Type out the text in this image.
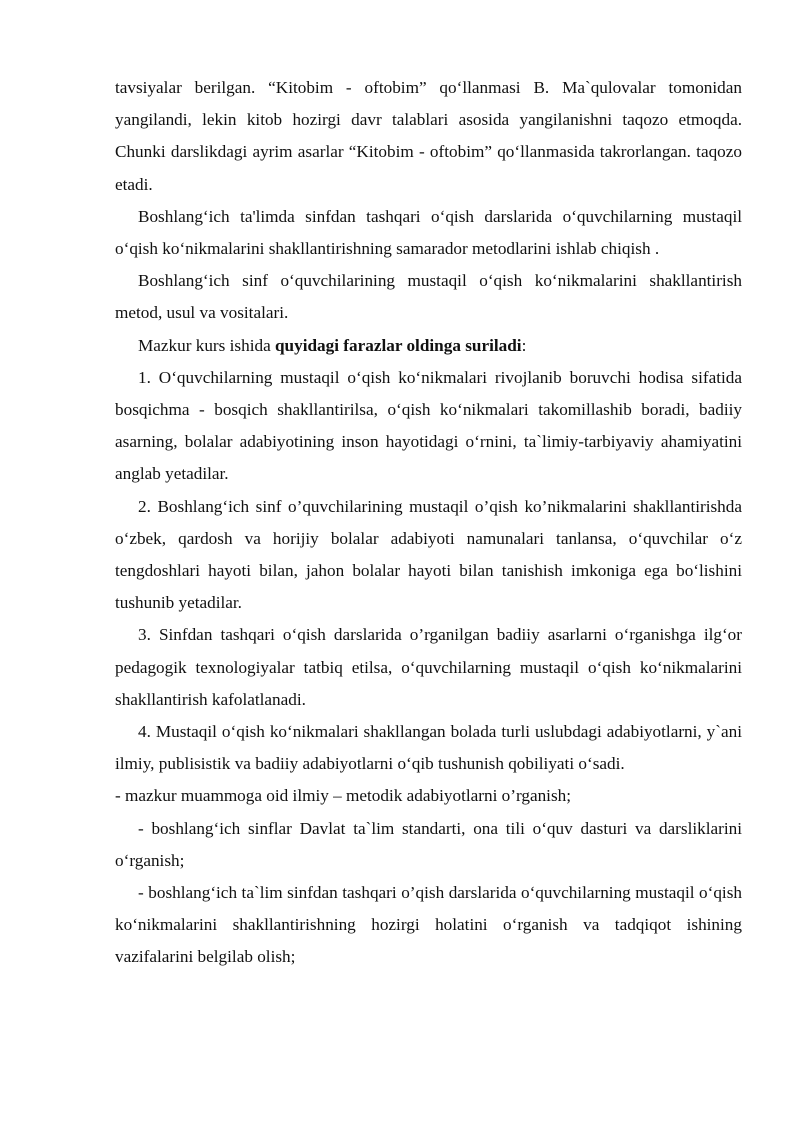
tavsiyalar berilgan. “Kitobim - oftobim” qo‘llanmasi B. Ma`qulovalar tomonidan yangilandi, lekin kitob hozirgi davr talablari asosida yangilanishni taqozo etmoqda. Chunki darslikdagi ayrim asarlar “Kitobim - oftobim” qo‘llanmasida takrorlangan. taqozo etadi.

Boshlang‘ich ta'limda sinfdan tashqari o‘qish darslarida o‘quvchilarning mustaqil o‘qish ko‘nikmalarini shakllantirishning samarador metodlarini ishlab chiqish .

Boshlang‘ich sinf o‘quvchilarining mustaqil o‘qish ko‘nikmalarini shakllantirish metod, usul va vositalari.

Mazkur kurs ishida quyidagi farazlar oldinga suriladi:

1. O‘quvchilarning mustaqil o‘qish ko‘nikmalari rivojlanib boruvchi hodisa sifatida bosqichma - bosqich shakllantirilsa, o‘qish ko‘nikmalari takomillashib boradi, badiiy asarning, bolalar adabiyotining inson hayotidagi o‘rnini, ta`limiy-tarbiyaviy ahamiyatini anglab yetadilar.

2. Boshlang‘ich sinf o’quvchilarining mustaqil o’qish ko’nikmalarini shakllantirishda o‘zbek, qardosh va horijiy bolalar adabiyoti namunalari tanlansa, o‘quvchilar o‘z tengdoshlari hayoti bilan, jahon bolalar hayoti bilan tanishish imkoniga ega bo‘lishini tushunib yetadilar.

3. Sinfdan tashqari o‘qish darslarida o’rganilgan badiiy asarlarni o‘rganishga ilg‘or pedagogik texnologiyalar tatbiq etilsa, o‘quvchilarning mustaqil o‘qish ko‘nikmalarini shakllantirish kafolatlanadi.

4. Mustaqil o‘qish ko‘nikmalari shakllangan bolada turli uslubdagi adabiyotlarni, y`ani ilmiy, publisistik va badiiy adabiyotlarni o‘qib tushunish qobiliyati o‘sadi.

- mazkur muammoga oid ilmiy – metodik adabiyotlarni o’rganish;

- boshlang‘ich sinflar Davlat ta`lim standarti, ona tili o‘quv dasturi va darsliklarini o‘rganish;

- boshlang‘ich ta`lim sinfdan tashqari o’qish darslarida o‘quvchilarning mustaqil o‘qish ko‘nikmalarini shakllantirishning hozirgi holatini o‘rganish va tadqiqot ishining vazifalarini belgilab olish;
